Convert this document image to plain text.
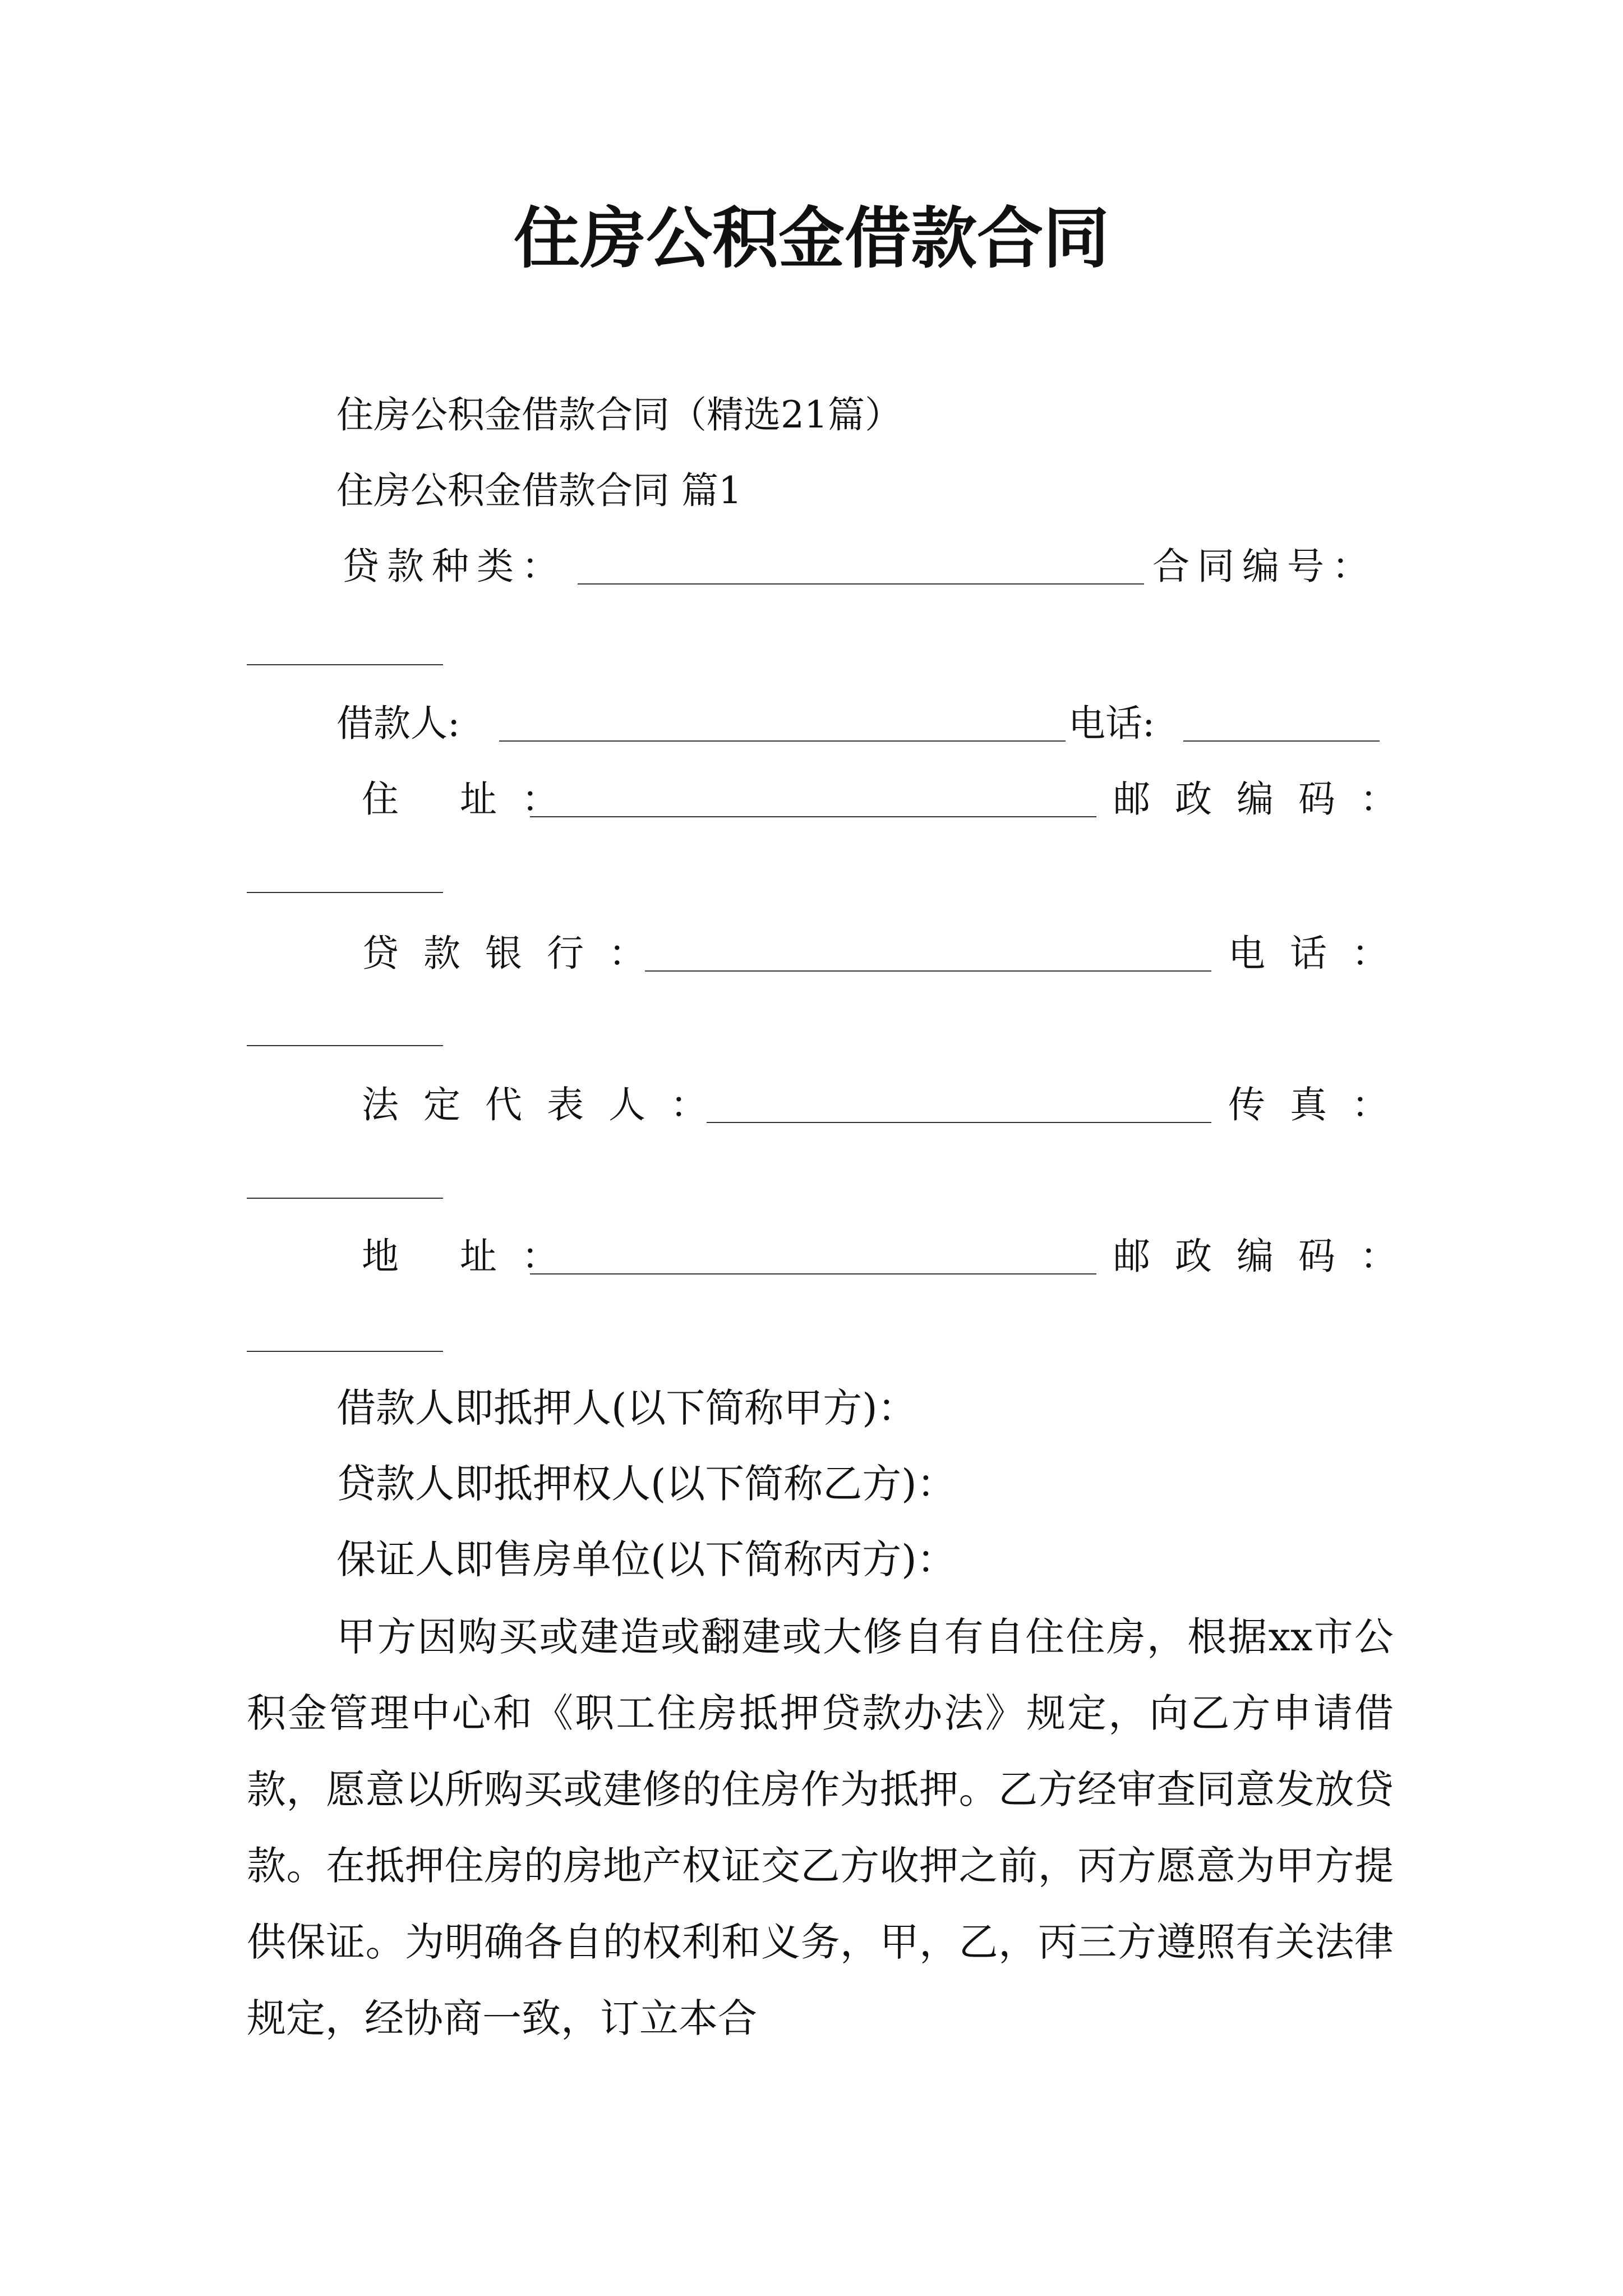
住房公积金借款合同
住房公积金借款合同（精选21篇）
住房公积金借款合同 篇1
贷款种类：	合同编号：
借款人:	电话:
住 址：	邮政编码：
贷款银行：	电话：
法定代表人：	传真：
地 址：	邮政编码：
借款人即抵押人(以下简称甲方)：
贷款人即抵押权人(以下简称乙方)：
保证人即售房单位(以下简称丙方)：
甲方因购买或建造或翻建或大修自有自住住房，根据xx市公积金管理中心和《职工住房抵押贷款办法》规定，向乙方申请借款，愿意以所购买或建修的住房作为抵押。乙方经审查同意发放贷款。在抵押住房的房地产权证交乙方收押之前，丙方愿意为甲方提供保证。为明确各自的权利和义务，甲，乙，丙三方遵照有关法律规定，经协商一致，订立本合
